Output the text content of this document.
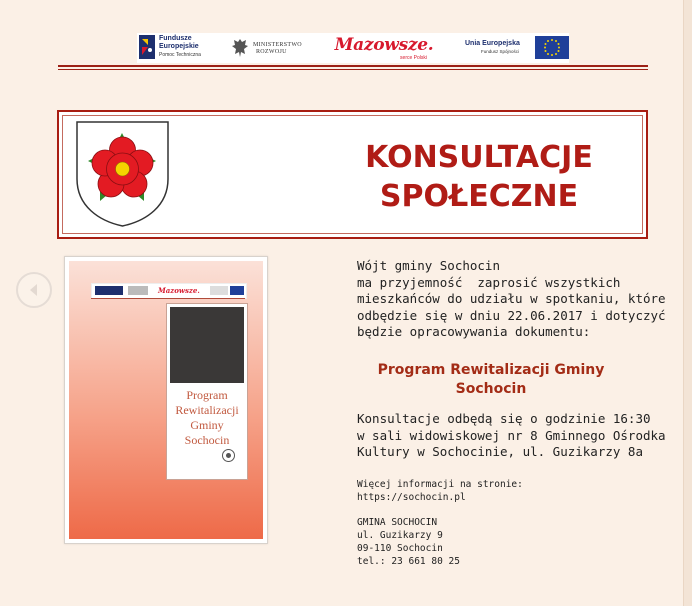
Fundusze
Europejskie
Pomoc Techniczna
MINISTERSTWO
ROZWOJU	Mazowsze.
serce Polski
Unia Europejska
Fundusz Spójności
KONSULTACJE
SPOŁECZNE
Mazowsze.
Program
Rewitalizacji
Gminy
Sochocin

Wójt gminy Sochocin
ma przyjemność  zaprosić wszystkich
mieszkańców do udziału w spotkaniu, które
odbędzie się w dniu 22.06.2017 i dotyczyć
będzie opracowywania dokumentu:

Program Rewitalizacji Gminy
Sochocin
Konsultacje odbędą się o godzinie 16:30
w sali widowiskowej nr 8 Gminnego Ośrodka
Kultury w Sochocinie, ul. Guzikarzy 8a
Więcej informacji na stronie:
https://sochocin.pl
GMINA SOCHOCIN
ul. Guzikarzy 9
09-110 Sochocin
tel.: 23 661 80 25
